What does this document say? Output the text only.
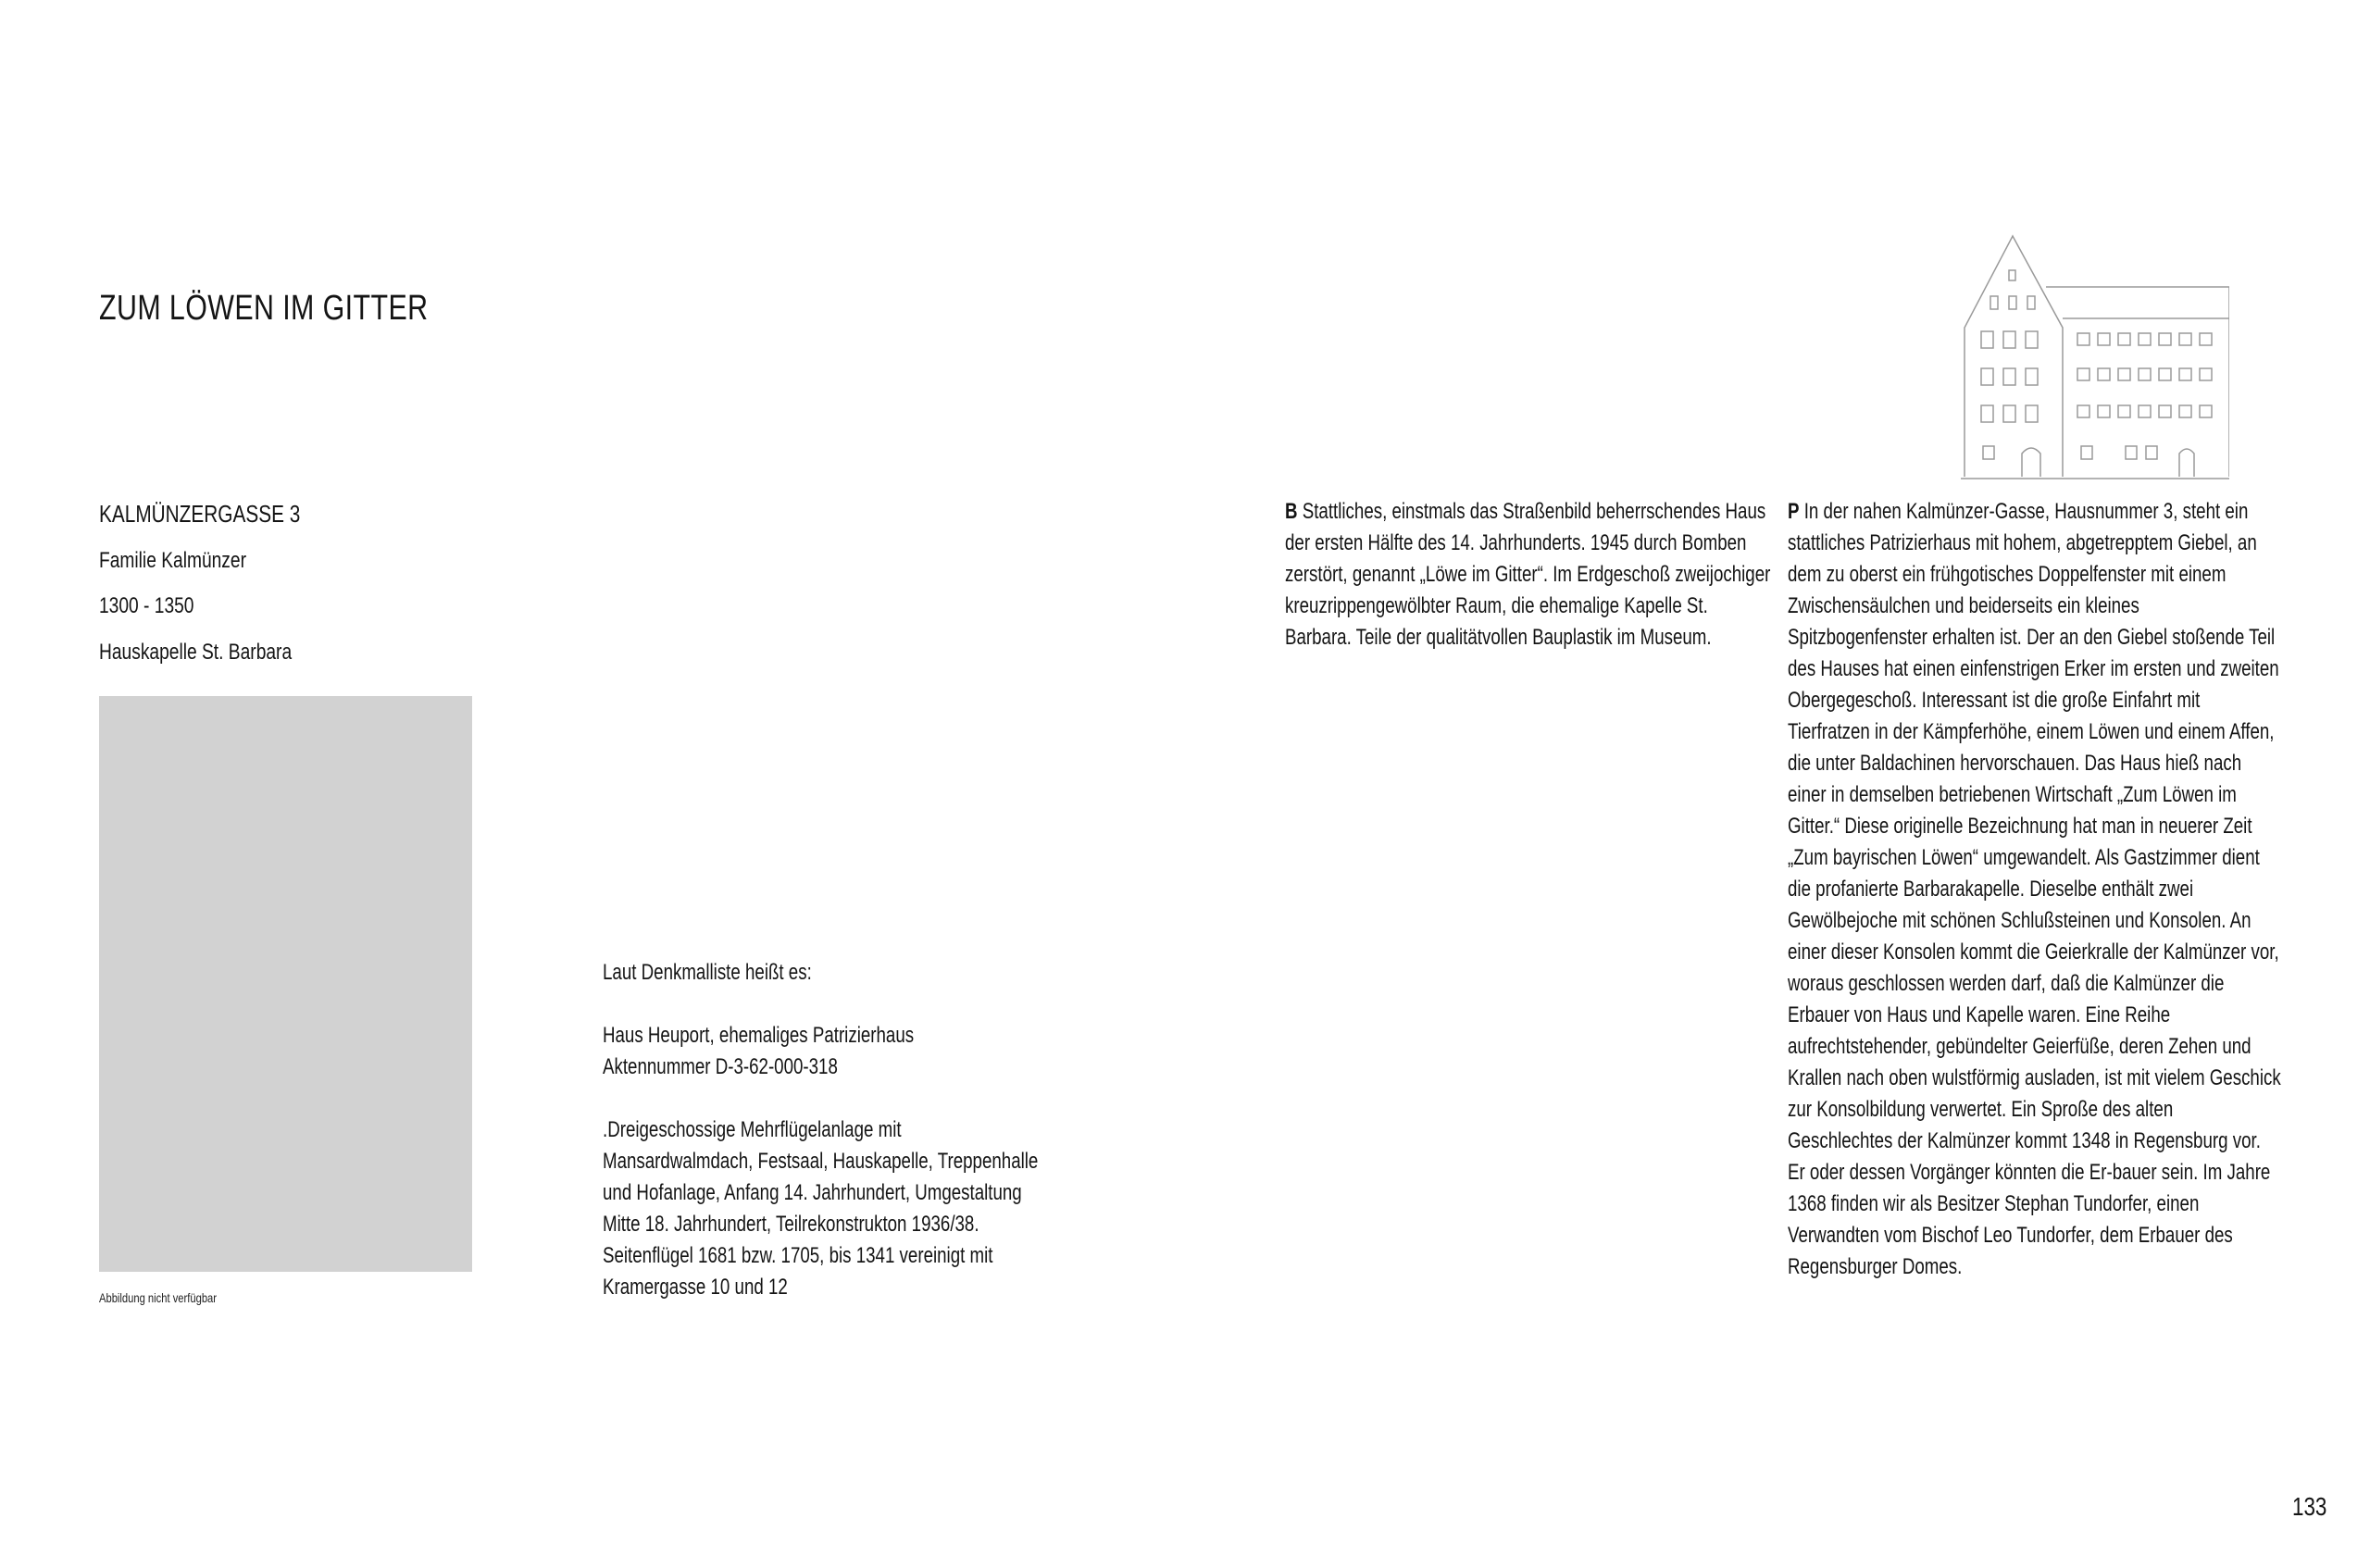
ZUM LÖWEN IM GITTER
KALMÜNZERGASSE 3
Familie Kalmünzer
1300 - 1350
Hauskapelle St. Barbara
Abbildung nicht verfügbar

Laut Denkmalliste heißt es:

Haus Heuport, ehemaliges Patrizierhaus

Aktennummer D-3-62-000-318

.Dreigeschossige Mehrflügelanlage mit Mansardwalmdach, Festsaal, Hauskapelle, Treppenhalle und Hofanlage, Anfang 14. Jahrhundert, Umgestaltung Mitte 18. Jahrhundert, Teilrekonstrukton 1936/38. Seitenflügel 1681 bzw. 1705, bis 1341 vereinigt mit Kramergasse 10 und 12

B Stattliches, einstmals das Straßenbild beherrschendes Haus der ersten Hälfte des 14. Jahrhunderts. 1945 durch Bomben zerstört, genannt „Löwe im Gitter“. Im Erdgeschoß zweijochiger kreuzrippengewölbter Raum, die ehemalige Kapelle St. Barbara. Teile der qualitätvollen Bauplastik im Museum.
P In der nahen Kalmünzer-Gasse, Hausnummer 3, steht ein stattliches Patrizierhaus mit hohem, abgetrepptem Giebel, an dem zu oberst ein frühgotisches Doppelfenster mit einem Zwischensäulchen und beiderseits ein kleines Spitzbogenfenster erhalten ist. Der an den Giebel stoßende Teil des Hauses hat einen einfenstrigen Erker im ersten und zweiten Obergegeschoß. Interessant ist die große Einfahrt mit Tierfratzen in der Kämpferhöhe, einem Löwen und einem Affen, die unter Baldachinen hervorschauen. Das Haus hieß nach einer in demselben betriebenen Wirtschaft „Zum Löwen im Gitter.“ Diese originelle Bezeichnung hat man in neuerer Zeit „Zum bayrischen Löwen“ umgewandelt. Als Gastzimmer dient die profanierte Barbarakapelle. Dieselbe enthält zwei Gewölbejoche mit schönen Schlußsteinen und Konsolen. An einer dieser Konsolen kommt die Geierkralle der Kalmünzer vor, woraus geschlossen werden darf, daß die Kalmünzer die Erbauer von Haus und Kapelle waren. Eine Reihe aufrechtstehender, gebündelter Geierfüße, deren Zehen und Krallen nach oben wulstförmig ausladen, ist mit vielem Geschick zur Konsolbildung verwertet. Ein Sproße des alten Geschlechtes der Kalmünzer kommt 1348 in Regensburg vor. Er oder dessen Vorgänger könnten die Er-bauer sein. Im Jahre 1368 finden wir als Besitzer Stephan Tundorfer, einen Verwandten vom Bischof Leo Tundorfer, dem Erbauer des Regensburger Domes.
133
